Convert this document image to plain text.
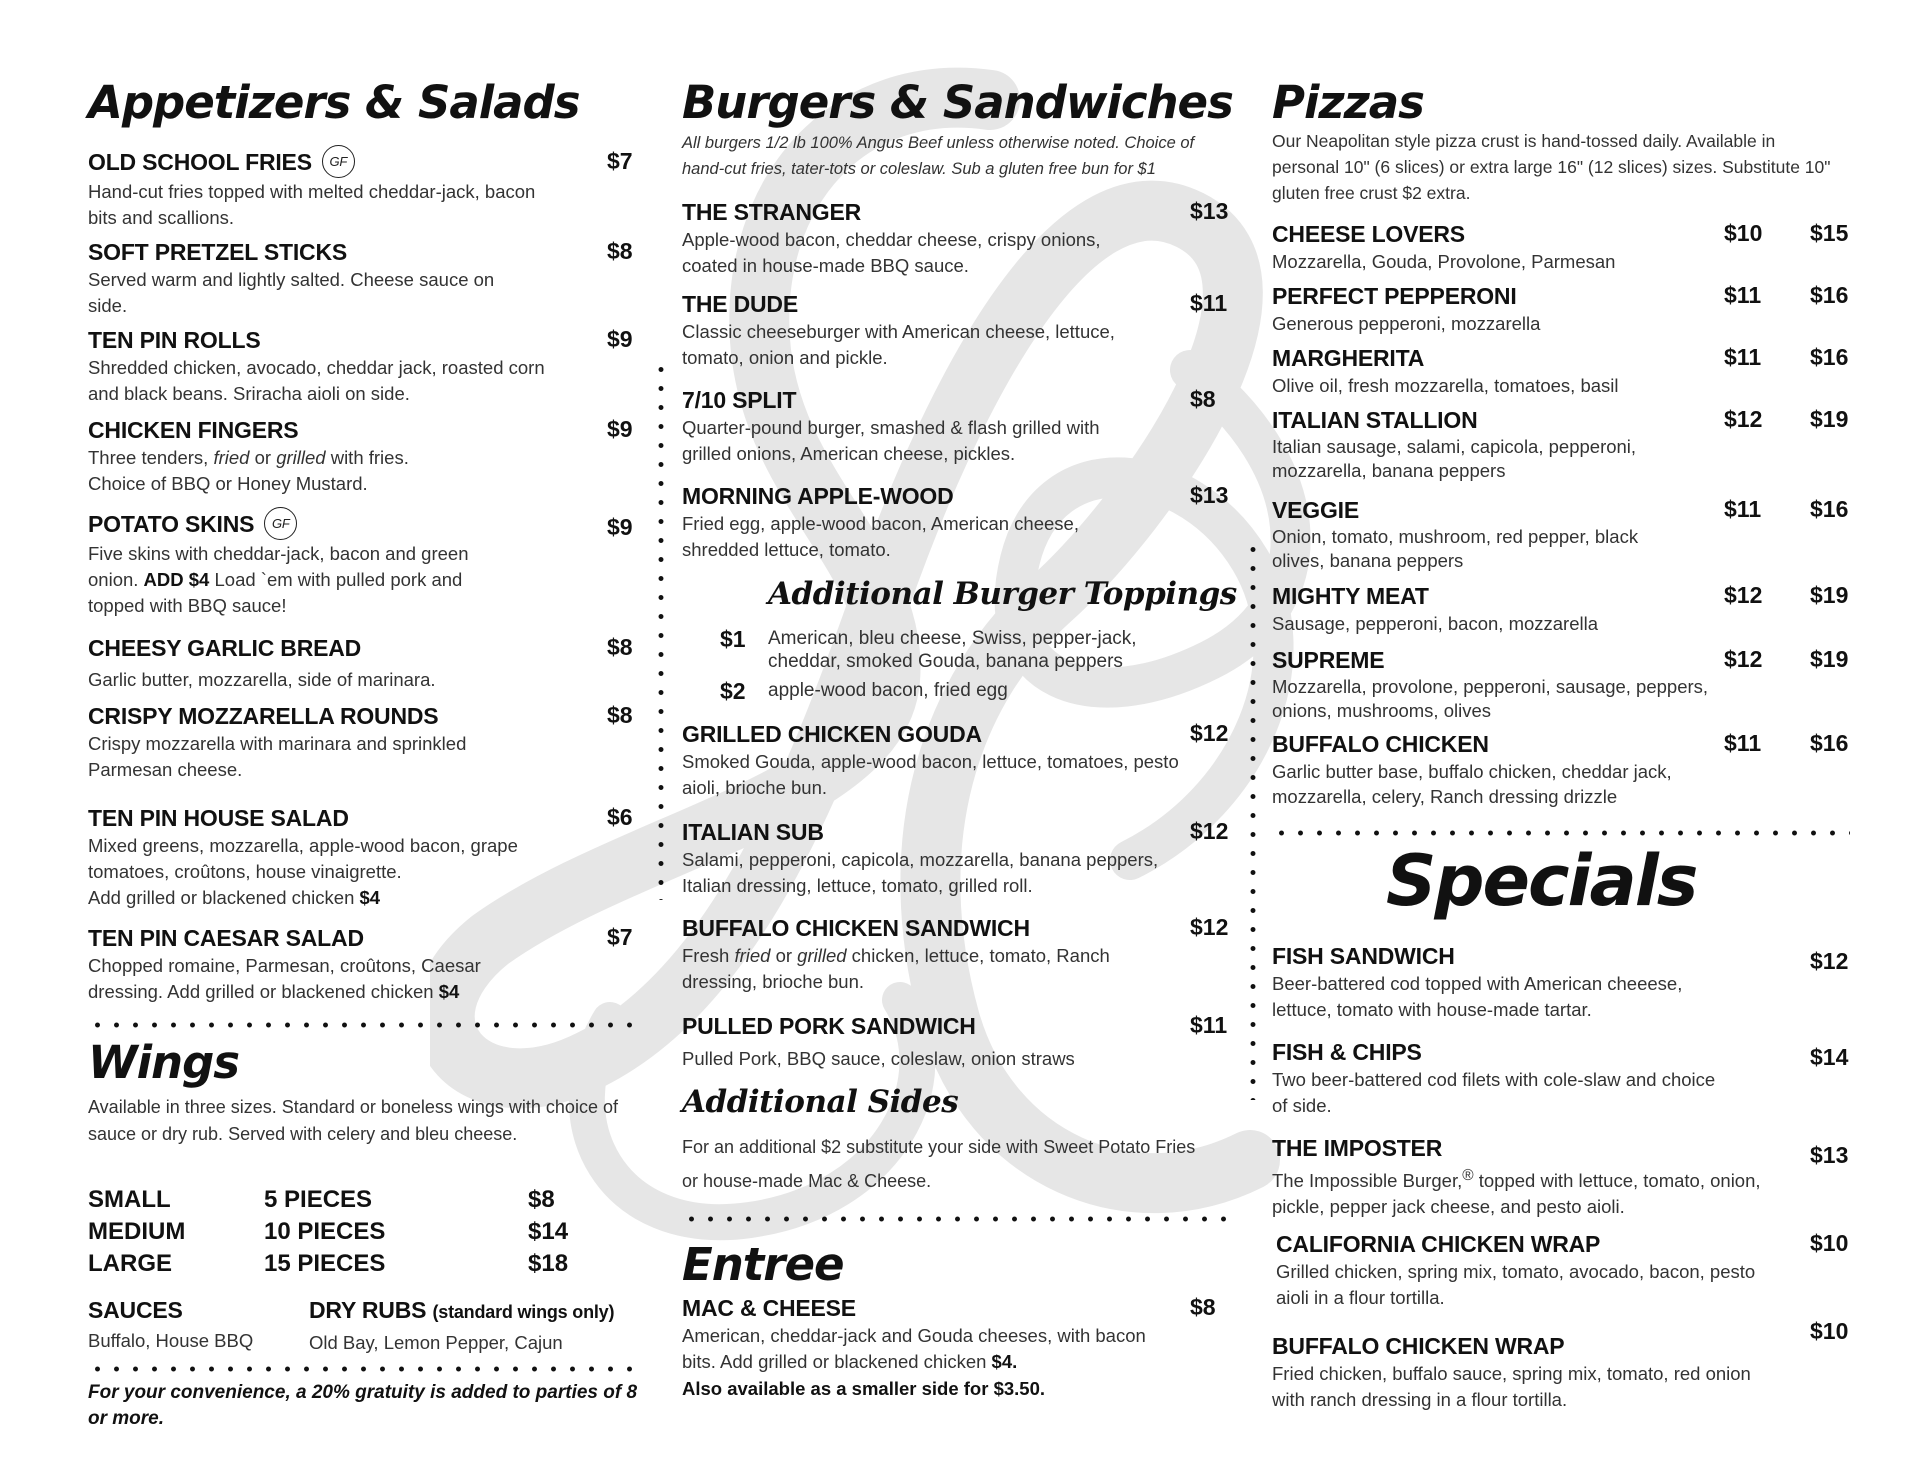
Appetizers & Salads
OLD SCHOOL FRIES GF
Hand-cut fries topped with melted cheddar-jack, bacon bits and scallions.
$7
SOFT PRETZEL STICKS
Served warm and lightly salted. Cheese sauce on side.
$8
TEN PIN ROLLS
Shredded chicken, avocado, cheddar jack, roasted corn and black beans. Sriracha aioli on side.
$9
CHICKEN FINGERS
Three tenders, fried or grilled with fries. Choice of BBQ or Honey Mustard.
$9
POTATO SKINS GF
Five skins with cheddar-jack, bacon and green onion. ADD $4 Load `em with pulled pork and topped with BBQ sauce!
$9
CHEESY GARLIC BREAD
Garlic butter, mozzarella, side of marinara.
$8
CRISPY MOZZARELLA ROUNDS
Crispy mozzarella with marinara and sprinkled Parmesan cheese.
$8
TEN PIN HOUSE SALAD
Mixed greens, mozzarella, apple-wood bacon, grape tomatoes, croûtons, house vinaigrette.
Add grilled or blackened chicken $4
$6
TEN PIN CAESAR SALAD
Chopped romaine, Parmesan, croûtons, Caesar dressing. Add grilled or blackened chicken $4
$7
Wings

Available in three sizes. Standard or boneless wings with choice of sauce or dry rub. Served with celery and bleu cheese.

SMALL	5 PIECES	$8
MEDIUM	10 PIECES	$14
LARGE	15 PIECES	$18
SAUCES
Buffalo, House BBQ
DRY RUBS (standard wings only)
Old Bay, Lemon Pepper, Cajun
For your convenience, a 20% gratuity is added to parties of 8 or more.
Burgers & Sandwiches

All burgers 1/2 lb 100% Angus Beef unless otherwise noted. Choice of hand-cut fries, tater-tots or coleslaw. Sub a gluten free bun for $1

THE STRANGER
Apple-wood bacon, cheddar cheese, crispy onions, coated in house-made BBQ sauce.
$13
THE DUDE
Classic cheeseburger with American cheese, lettuce, tomato, onion and pickle.
$11
7/10 SPLIT
Quarter-pound burger, smashed & flash grilled with grilled onions, American cheese, pickles.
$8
MORNING APPLE-WOOD
Fried egg, apple-wood bacon, American cheese, shredded lettuce, tomato.
$13
Additional Burger Toppings
$1 American, bleu cheese, Swiss, pepper-jack, cheddar, smoked Gouda, banana peppers
$2 apple-wood bacon, fried egg
GRILLED CHICKEN GOUDA
Smoked Gouda, apple-wood bacon, lettuce, tomatoes, pesto aioli, brioche bun.
$12
ITALIAN SUB
Salami, pepperoni, capicola, mozzarella, banana peppers, Italian dressing, lettuce, tomato, grilled roll.
$12
BUFFALO CHICKEN SANDWICH
Fresh fried or grilled chicken, lettuce, tomato, Ranch dressing, brioche bun.
$12
PULLED PORK SANDWICH
Pulled Pork, BBQ sauce, coleslaw, onion straws
$11
Additional Sides

For an additional $2 substitute your side with Sweet Potato Fries or house-made Mac & Cheese.

Entree
MAC & CHEESE
American, cheddar-jack and Gouda cheeses, with bacon bits. Add grilled or blackened chicken $4.
Also available as a smaller side for $3.50.
$8
Pizzas

Our Neapolitan style pizza crust is hand-tossed daily. Available in personal 10" (6 slices) or extra large 16" (12 slices) sizes. Substitute 10" gluten free crust $2 extra.

CHEESE LOVERS
Mozzarella, Gouda, Provolone, Parmesan
$10 $15
PERFECT PEPPERONI
Generous pepperoni, mozzarella
$11 $16
MARGHERITA
Olive oil, fresh mozzarella, tomatoes, basil
$11 $16
ITALIAN STALLION
Italian sausage, salami, capicola, pepperoni, mozzarella, banana peppers
$12 $19
VEGGIE
Onion, tomato, mushroom, red pepper, black olives, banana peppers
$11 $16
MIGHTY MEAT
Sausage, pepperoni, bacon, mozzarella
$12 $19
SUPREME
Mozzarella, provolone, pepperoni, sausage, peppers, onions, mushrooms, olives
$12 $19
BUFFALO CHICKEN
Garlic butter base, buffalo chicken, cheddar jack, mozzarella, celery, Ranch dressing drizzle
$11 $16
Specials
FISH SANDWICH
Beer-battered cod topped with American cheeese, lettuce, tomato with house-made tartar.
$12
FISH & CHIPS
Two beer-battered cod filets with cole-slaw and choice of side.
$14
THE IMPOSTER
The Impossible Burger,® topped with lettuce, tomato, onion, pickle, pepper jack cheese, and pesto aioli.
$13
CALIFORNIA CHICKEN WRAP
Grilled chicken, spring mix, tomato, avocado, bacon, pesto aioli in a flour tortilla.
$10
BUFFALO CHICKEN WRAP
Fried chicken, buffalo sauce, spring mix, tomato, red onion with ranch dressing in a flour tortilla.
$10
